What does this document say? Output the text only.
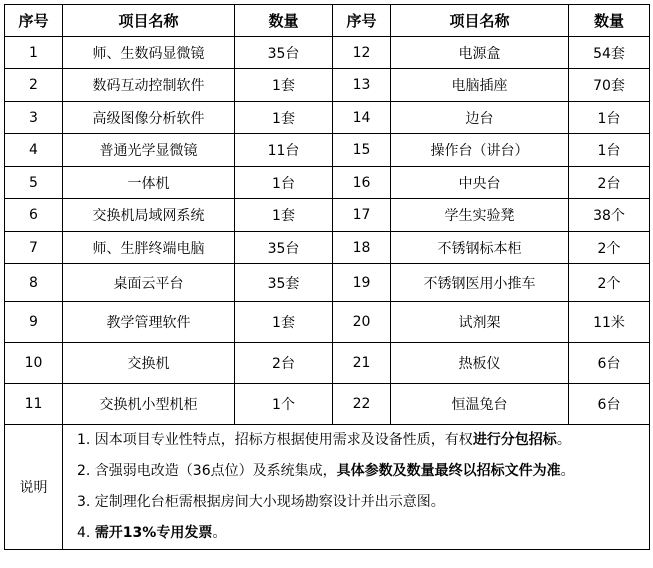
序号	项目名称	数量	序号	项目名称	数量
1	师、生数码显微镜	35台	12	电源盒	54套
2	数码互动控制软件	1套	13	电脑插座	70套
3	高级图像分析软件	1套	14	边台	1台
4	普通光学显微镜	11台	15	操作台（讲台）	1台
5	一体机	1台	16	中央台	2台
6	交换机局域网系统	1套	17	学生实验凳	38个
7	师、生胖终端电脑	35台	18	不锈钢标本柜	2个
8	桌面云平台	35套	19	不锈钢医用小推车	2个
9	教学管理软件	1套	20	试剂架	11米
10	交换机	2台	21	热板仪	6台
11	交换机小型机柜	1个	22	恒温兔台	6台
说明	1. 因本项目专业性特点，招标方根据使用需求及设备性质，有权进行分包招标。
2. 含强弱电改造（36点位）及系统集成，具体参数及数量最终以招标文件为准。
3. 定制理化台柜需根据房间大小现场勘察设计并出示意图。
4. 需开13%专用发票。				
